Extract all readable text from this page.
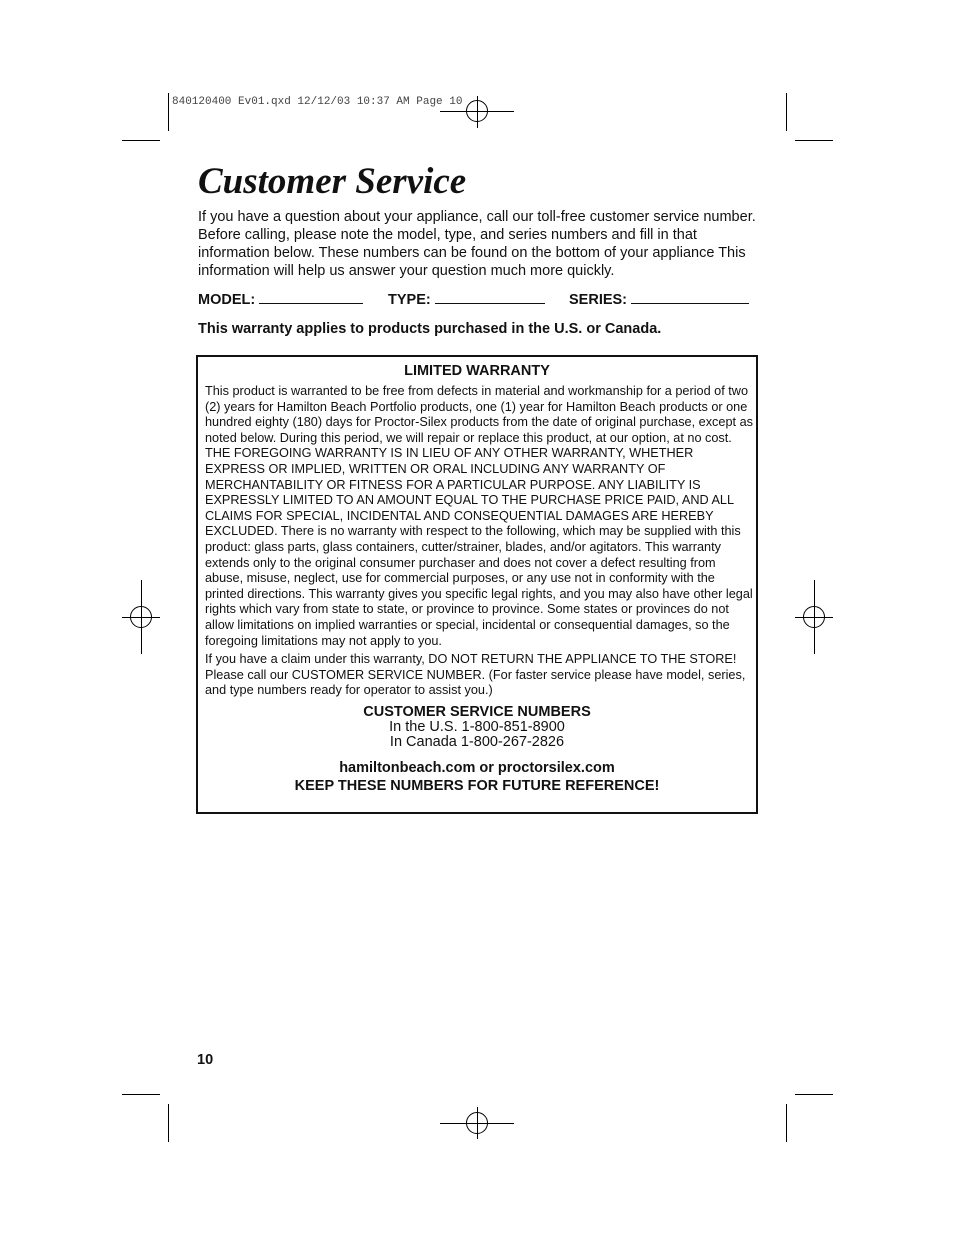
840120400 Ev01.qxd 12/12/03 10:37 AM Page 10
Customer Service

If you have a question about your appliance, call our toll-free customer service number. Before calling, please note the model, type, and series numbers and fill in that information below. These numbers can be found on the bottom of your appliance This information will help us answer your question much more quickly.

MODEL:	TYPE:	SERIES:

This warranty applies to products purchased in the U.S. or Canada.

LIMITED WARRANTY

This product is warranted to be free from defects in material and workmanship for a period of two (2) years for Hamilton Beach Portfolio products, one (1) year for Hamilton Beach products or one hundred eighty (180) days for Proctor-Silex products from the date of original purchase, except as noted below. During this period, we will repair or replace this product, at our option, at no cost. THE FOREGOING WARRANTY IS IN LIEU OF ANY OTHER WARRANTY, WHETHER EXPRESS OR IMPLIED, WRITTEN OR ORAL INCLUDING ANY WARRANTY OF MERCHANTABILITY OR FITNESS FOR A PARTICULAR PURPOSE. ANY LIABILITY IS EXPRESSLY LIMITED TO AN AMOUNT EQUAL TO THE PURCHASE PRICE PAID, AND ALL CLAIMS FOR SPECIAL, INCIDENTAL AND CONSEQUENTIAL DAMAGES ARE HEREBY EXCLUDED. There is no warranty with respect to the following, which may be supplied with this product: glass parts, glass containers, cutter/strainer, blades, and/or agitators. This warranty extends only to the original consumer purchaser and does not cover a defect resulting from abuse, misuse, neglect, use for commercial purposes, or any use not in conformity with the printed directions. This warranty gives you specific legal rights, and you may also have other legal rights which vary from state to state, or province to province. Some states or provinces do not allow limitations on implied warranties or special, incidental or consequential damages, so the foregoing limitations may not apply to you.

If you have a claim under this warranty, DO NOT RETURN THE APPLIANCE TO THE STORE! Please call our CUSTOMER SERVICE NUMBER. (For faster service please have model, series, and type numbers ready for operator to assist you.)

CUSTOMER SERVICE NUMBERS

In the U.S. 1-800-851-8900

In Canada 1-800-267-2826

hamiltonbeach.com or proctorsilex.com

KEEP THESE NUMBERS FOR FUTURE REFERENCE!

10
